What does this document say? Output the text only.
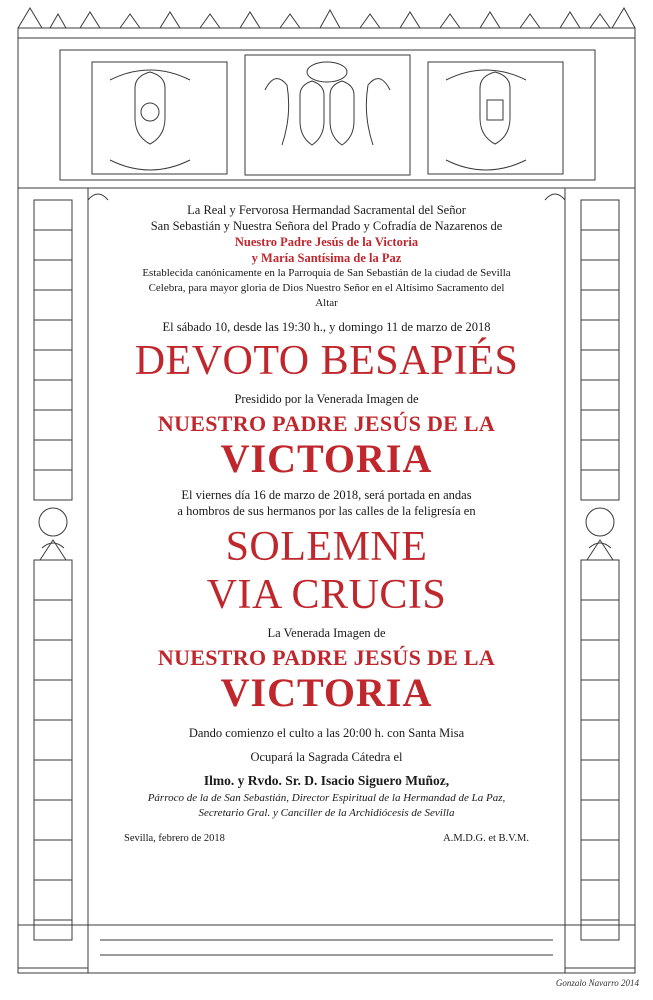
La Real y Fervorosa Hermandad Sacramental del Señor
San Sebastián y Nuestra Señora del Prado y Cofradía de Nazarenos de
Nuestro Padre Jesús de la Victoria
y María Santísima de la Paz
Establecida canónicamente en la Parroquia de San Sebastián de la ciudad de Sevilla
Celebra, para mayor gloria de Dios Nuestro Señor en el Altísimo Sacramento del
Altar
El sábado 10, desde las 19:30 h., y domingo 11 de marzo de 2018
DEVOTO BESAPIÉS
Presidido por la Venerada Imagen de
NUESTRO PADRE JESÚS DE LA
VICTORIA
El viernes día 16 de marzo de 2018, será portada en andas
a hombros de sus hermanos por las calles de la feligresía en
SOLEMNE
VIA CRUCIS
La Venerada Imagen de
NUESTRO PADRE JESÚS DE LA
VICTORIA
Dando comienzo el culto a las 20:00 h. con Santa Misa
Ocupará la Sagrada Cátedra el
Ilmo. y Rvdo. Sr. D. Isacio Siguero Muñoz,
Párroco de la de San Sebastián, Director Espiritual de la Hermandad de La Paz,
Secretario Gral. y Canciller de la Archidiócesis de Sevilla
Sevilla, febrero de 2018	A.M.D.G. et B.V.M.
Gonzalo Navarro 2014
